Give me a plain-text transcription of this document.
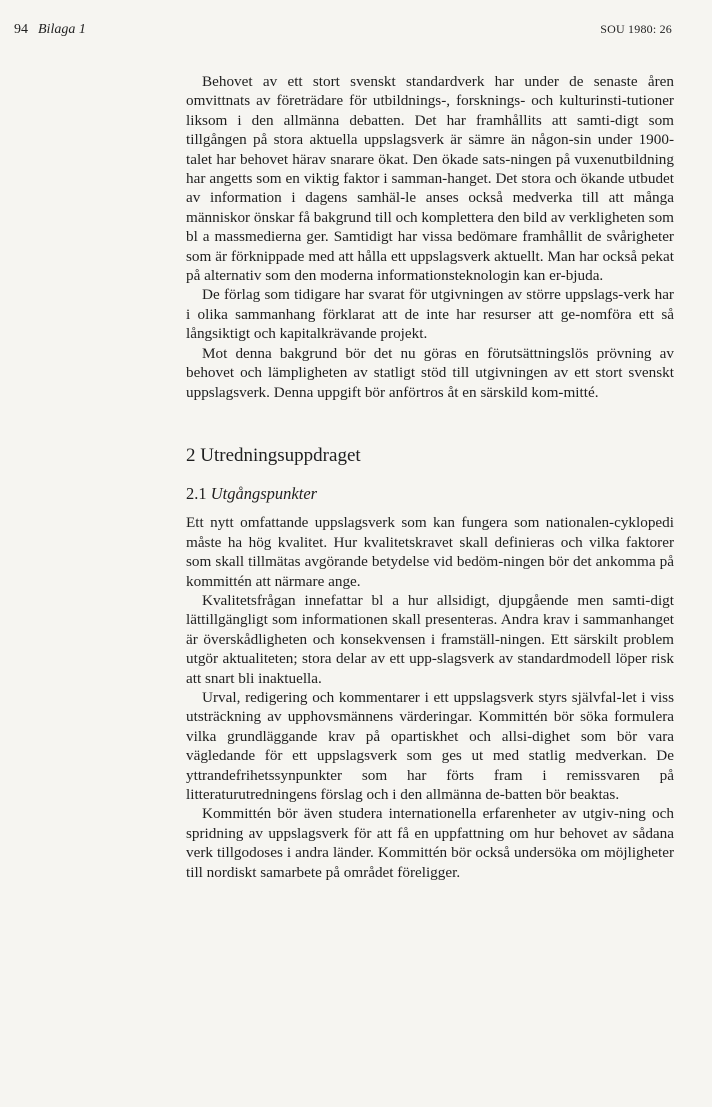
94 Bilaga 1	SOU 1980: 26

Behovet av ett stort svenskt standardverk har under de senaste åren omvittnats av företrädare för utbildnings-, forsknings- och kulturinsti-tutioner liksom i den allmänna debatten. Det har framhållits att samti-digt som tillgången på stora aktuella uppslagsverk är sämre än någon-sin under 1900-talet har behovet härav snarare ökat. Den ökade sats-ningen på vuxenutbildning har angetts som en viktig faktor i samman-hanget. Det stora och ökande utbudet av information i dagens samhäl-le anses också medverka till att många människor önskar få bakgrund till och komplettera den bild av verkligheten som bl a massmedierna ger. Samtidigt har vissa bedömare framhållit de svårigheter som är förknippade med att hålla ett uppslagsverk aktuellt. Man har också pekat på alternativ som den moderna informationsteknologin kan er-bjuda.

De förlag som tidigare har svarat för utgivningen av större uppslags-verk har i olika sammanhang förklarat att de inte har resurser att ge-nomföra ett så långsiktigt och kapitalkrävande projekt.

Mot denna bakgrund bör det nu göras en förutsättningslös prövning av behovet och lämpligheten av statligt stöd till utgivningen av ett stort svenskt uppslagsverk. Denna uppgift bör anförtros åt en särskild kom-mitté.

2 Utredningsuppdraget
2.1 Utgångspunkter

Ett nytt omfattande uppslagsverk som kan fungera som nationalen-cyklopedi måste ha hög kvalitet. Hur kvalitetskravet skall definieras och vilka faktorer som skall tillmätas avgörande betydelse vid bedöm-ningen bör det ankomma på kommittén att närmare ange.

Kvalitetsfrågan innefattar bl a hur allsidigt, djupgående men samti-digt lättillgängligt som informationen skall presenteras. Andra krav i sammanhanget är överskådligheten och konsekvensen i framställ-ningen. Ett särskilt problem utgör aktualiteten; stora delar av ett upp-slagsverk av standardmodell löper risk att snart bli inaktuella.

Urval, redigering och kommentarer i ett uppslagsverk styrs självfal-let i viss utsträckning av upphovsmännens värderingar. Kommittén bör söka formulera vilka grundläggande krav på opartiskhet och allsi-dighet som bör vara vägledande för ett uppslagsverk som ges ut med statlig medverkan. De yttrandefrihetssynpunkter som har förts fram i remissvaren på litteraturutredningens förslag och i den allmänna de-batten bör beaktas.

Kommittén bör även studera internationella erfarenheter av utgiv-ning och spridning av uppslagsverk för att få en uppfattning om hur behovet av sådana verk tillgodoses i andra länder. Kommittén bör också undersöka om möjligheter till nordiskt samarbete på området föreligger.
